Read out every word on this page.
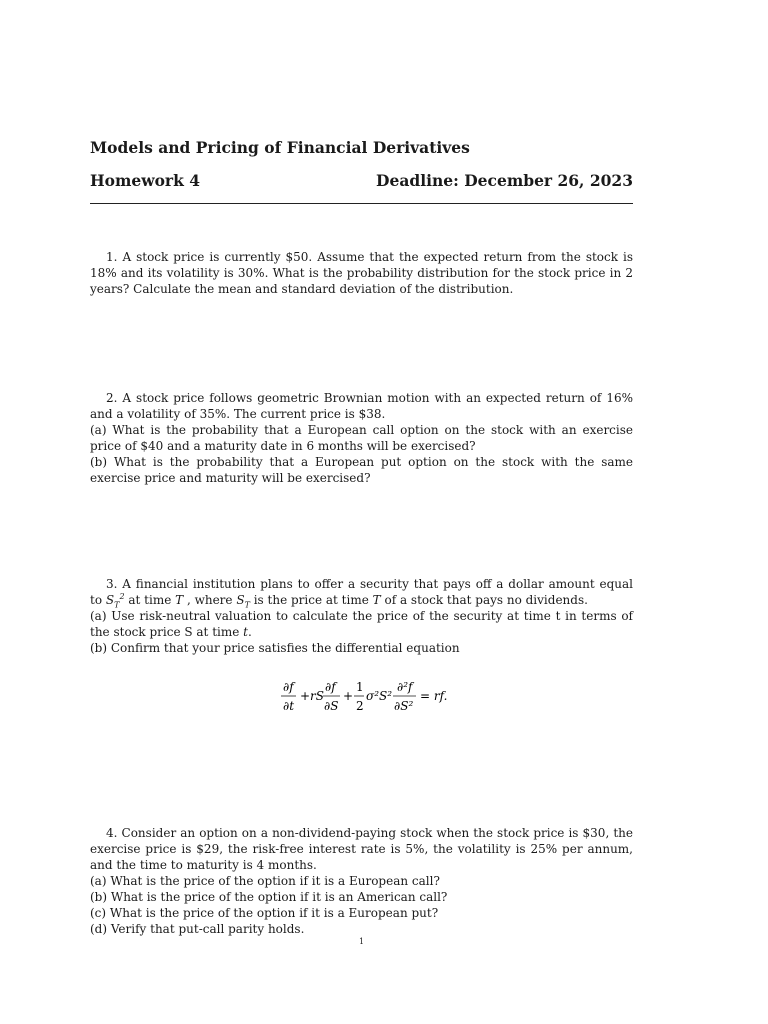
Models and Pricing of Financial Derivatives
Homework 4	Deadline: December 26, 2023

1. A stock price is currently $50. Assume that the expected return from the stock is 18% and its volatility is 30%. What is the probability distribution for the stock price in 2 years? Calculate the mean and standard deviation of the distribution.

2. A stock price follows geometric Brownian motion with an expected return of 16% and a volatility of 35%. The current price is $38.

(a) What is the probability that a European call option on the stock with an exercise price of $40 and a maturity date in 6 months will be exercised?

(b) What is the probability that a European put option on the stock with the same exercise price and maturity will be exercised?

3. A financial institution plans to offer a security that pays off a dollar amount equal to $S_T^2$ at time T , where $S_T$ is the price at time T of a stock that pays no dividends.

(a) Use risk-neutral valuation to calculate the price of the security at time t in terms of the stock price S at time t.

(b) Confirm that your price satisfies the differential equation

∂f
∂t
+ rS
∂f
∂S
+
1
2
σ²S²
∂²f
∂S²
= rf.

4. Consider an option on a non-dividend-paying stock when the stock price is $30, the exercise price is $29, the risk-free interest rate is 5%, the volatility is 25% per annum, and the time to maturity is 4 months.

(a) What is the price of the option if it is a European call?

(b) What is the price of the option if it is an American call?

(c) What is the price of the option if it is a European put?

(d) Verify that put-call parity holds.

1
